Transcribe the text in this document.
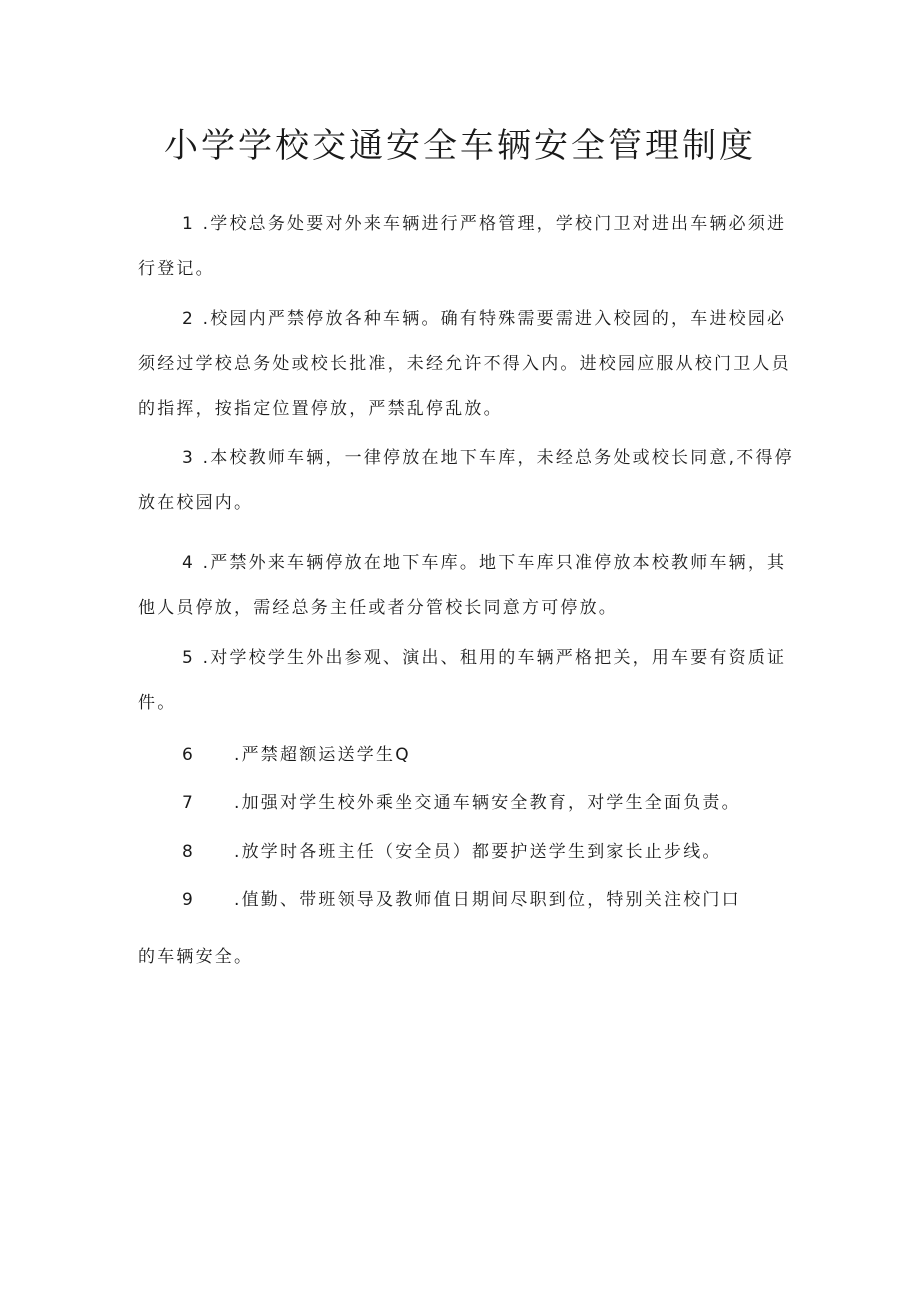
小学学校交通安全车辆安全管理制度

1 .学校总务处要对外来车辆进行严格管理，学校门卫对进出车辆必须进行登记。

2 .校园内严禁停放各种车辆。确有特殊需要需进入校园的，车进校园必须经过学校总务处或校长批准，未经允许不得入内。进校园应服从校门卫人员的指挥，按指定位置停放，严禁乱停乱放。

3 .本校教师车辆，一律停放在地下车库，未经总务处或校长同意,不得停放在校园内。

4 .严禁外来车辆停放在地下车库。地下车库只准停放本校教师车辆，其他人员停放，需经总务主任或者分管校长同意方可停放。

5 .对学校学生外出参观、演出、租用的车辆严格把关，用车要有资质证件。

6 .严禁超额运送学生Q

7 .加强对学生校外乘坐交通车辆安全教育，对学生全面负责。

8 .放学时各班主任（安全员）都要护送学生到家长止步线。

9 .值勤、带班领导及教师值日期间尽职到位，特别关注校门口

的车辆安全。
